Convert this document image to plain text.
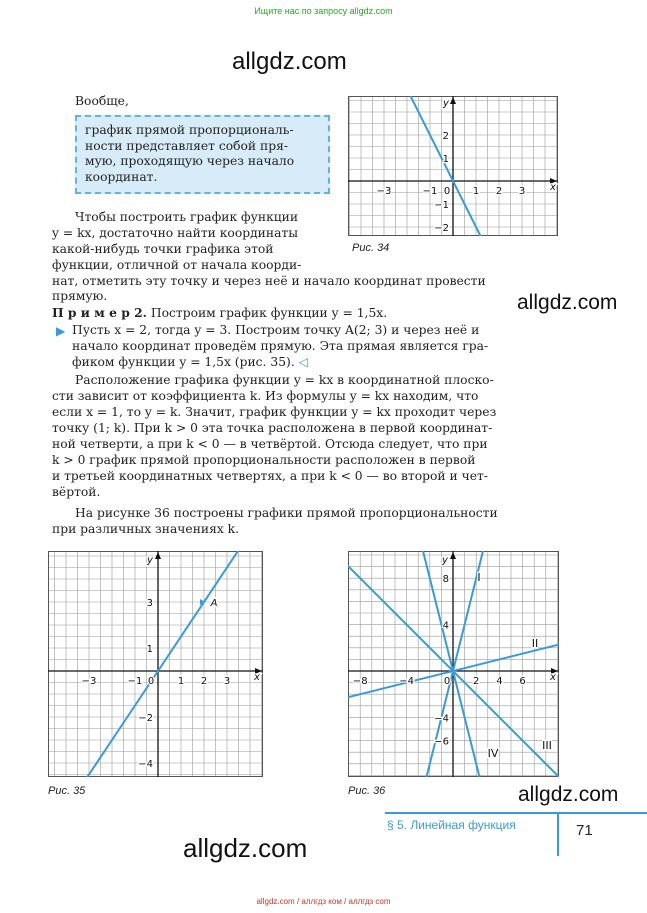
Ищите нас по запросу allgdz.com
allgdz.com
Вообще,
график прямой пропорциональ-
ности представляет собой пря-
мую, проходящую через начало
координат.
−3	−1 0 1 2 3
2
1
−1
−2
x
y
Рис. 34
Чтобы построить график функции
y = kx, достаточно найти координаты
какой-нибудь точки графика этой
функции, отличной от начала коорди-
нат, отметить эту точку и через неё и начало координат провести
прямую.	allgdz.com
П р и м е р 2. Построим график функции y = 1,5x.
▶ Пусть x = 2, тогда y = 3. Построим точку A(2; 3) и через неё и
начало координат проведём прямую. Эта прямая является гра-
фиком функции y = 1,5x (рис. 35). ◁
Расположение графика функции y = kx в координатной плоско-
сти зависит от коэффициента k. Из формулы y = kx находим, что
если x = 1, то y = k. Значит, график функции y = kx проходит через
точку (1; k). При k > 0 эта точка расположена в первой координат-
ной четверти, а при k < 0 — в четвёртой. Отсюда следует, что при
k > 0 график прямой пропорциональности расположен в первой
и третьей координатных четвертях, а при k < 0 — во второй и чет-
вёртой.
На рисунке 36 построены графики прямой пропорциональности
при различных значениях k.
A
−3	−1 0 1 2 3
3
1
−2
−4
x
y
Рис. 35
−8	−4	0 2 4 6
8
4
−4
−6
x
y
I
II
III
IV
Рис. 36	allgdz.com
§ 5. Линейная функция	71
allgdz.com
allgdz.com / аллгдз ком / аллгдз com
